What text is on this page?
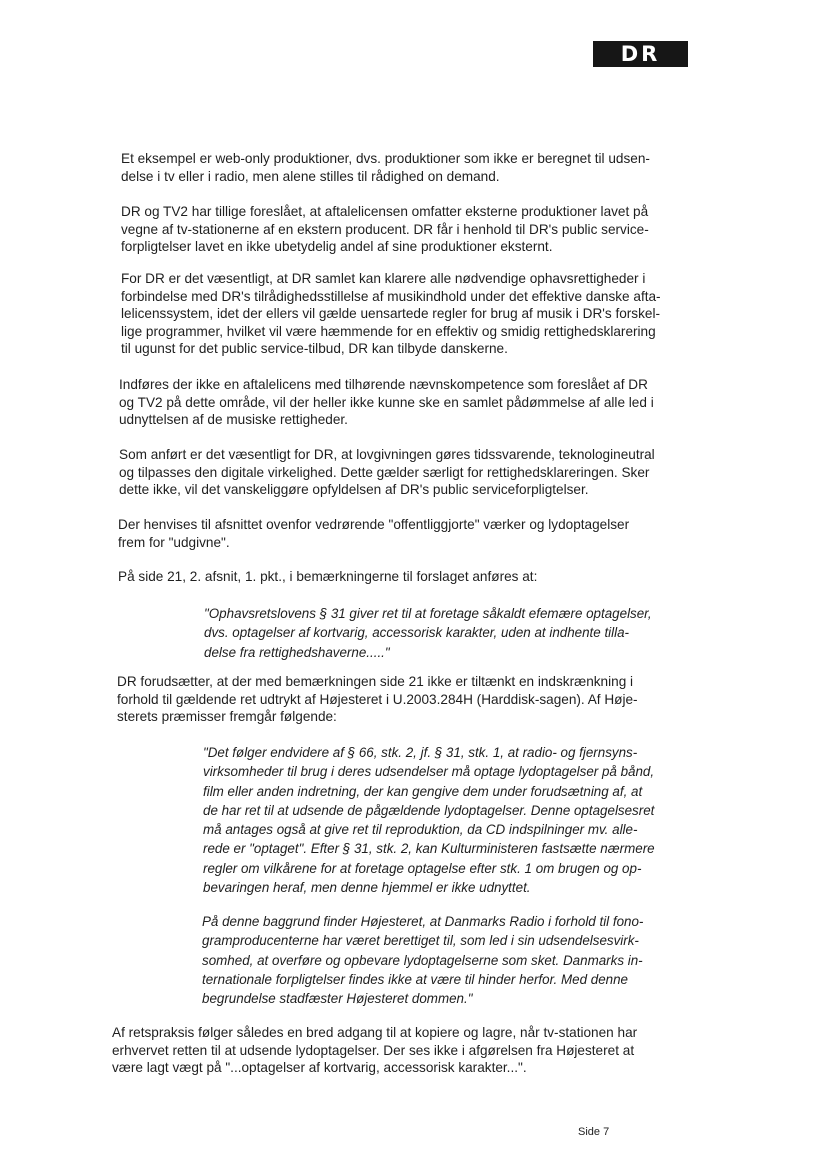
DR
Et eksempel er web-only produktioner, dvs. produktioner som ikke er beregnet til udsen-
delse i tv eller i radio, men alene stilles til rådighed on demand.
DR og TV2 har tillige foreslået, at aftalelicensen omfatter eksterne produktioner lavet på
vegne af tv-stationerne af en ekstern producent. DR får i henhold til DR's public service-
forpligtelser lavet en ikke ubetydelig andel af sine produktioner eksternt.
For DR er det væsentligt, at DR samlet kan klarere alle nødvendige ophavsrettigheder i
forbindelse med DR's tilrådighedsstillelse af musikindhold under det effektive danske afta-
lelicenssystem, idet der ellers vil gælde uensartede regler for brug af musik i DR's forskel-
lige programmer, hvilket vil være hæmmende for en effektiv og smidig rettighedsklarering
til ugunst for det public service-tilbud, DR kan tilbyde danskerne.
Indføres der ikke en aftalelicens med tilhørende nævnskompetence som foreslået af DR
og TV2 på dette område, vil der heller ikke kunne ske en samlet pådømmelse af alle led i
udnyttelsen af de musiske rettigheder.
Som anført er det væsentligt for DR, at lovgivningen gøres tidssvarende, teknologineutral
og tilpasses den digitale virkelighed. Dette gælder særligt for rettighedsklareringen. Sker
dette ikke, vil det vanskeliggøre opfyldelsen af DR's public serviceforpligtelser.
Der henvises til afsnittet ovenfor vedrørende "offentliggjorte" værker og lydoptagelser
frem for "udgivne".
På side 21, 2. afsnit, 1. pkt., i bemærkningerne til forslaget anføres at:
"Ophavsretslovens § 31 giver ret til at foretage såkaldt efemære optagelser,
dvs. optagelser af kortvarig, accessorisk karakter, uden at indhente tilla-
delse fra rettighedshaverne....."
DR forudsætter, at der med bemærkningen side 21 ikke er tiltænkt en indskrænkning i
forhold til gældende ret udtrykt af Højesteret i U.2003.284H (Harddisk-sagen). Af Høje-
sterets præmisser fremgår følgende:
"Det følger endvidere af § 66, stk. 2, jf. § 31, stk. 1, at radio- og fjernsyns-
virksomheder til brug i deres udsendelser må optage lydoptagelser på bånd,
film eller anden indretning, der kan gengive dem under forudsætning af, at
de har ret til at udsende de pågældende lydoptagelser. Denne optagelsesret
må antages også at give ret til reproduktion, da CD indspilninger mv. alle-
rede er "optaget". Efter § 31, stk. 2, kan Kulturministeren fastsætte nærmere
regler om vilkårene for at foretage optagelse efter stk. 1 om brugen og op-
bevaringen heraf, men denne hjemmel er ikke udnyttet.
På denne baggrund finder Højesteret, at Danmarks Radio i forhold til fono-
gramproducenterne har været berettiget til, som led i sin udsendelsesvirk-
somhed, at overføre og opbevare lydoptagelserne som sket. Danmarks in-
ternationale forpligtelser findes ikke at være til hinder herfor. Med denne
begrundelse stadfæster Højesteret dommen."
Af retspraksis følger således en bred adgang til at kopiere og lagre, når tv-stationen har
erhvervet retten til at udsende lydoptagelser. Der ses ikke i afgørelsen fra Højesteret at
være lagt vægt på "...optagelser af kortvarig, accessorisk karakter...".
Side 7
